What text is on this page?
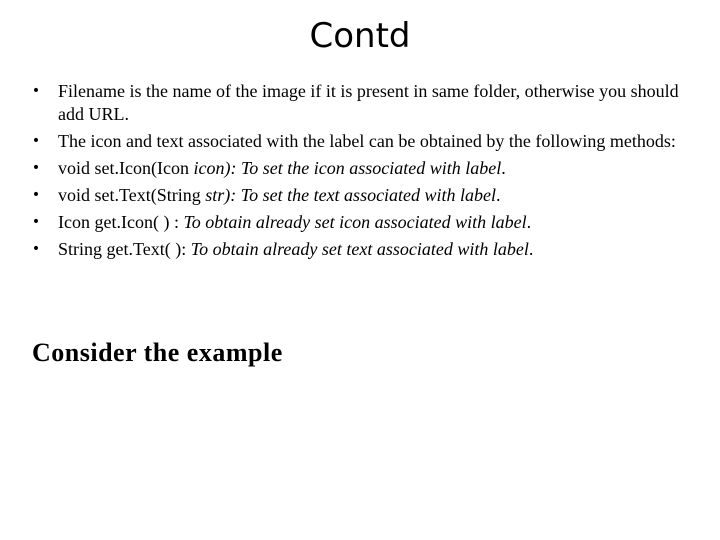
Contd
• Filename is the name of the image if it is present in same folder, otherwise you should add URL.
• The icon and text associated with the label can be obtained by the following methods:
• void set.Icon(Icon icon): To set the icon associated with label.
• void set.Text(String str): To set the text associated with label.
• Icon get.Icon( ) : To obtain already set icon associated with label.
• String get.Text( ): To obtain already set text associated with label.
Consider the example
